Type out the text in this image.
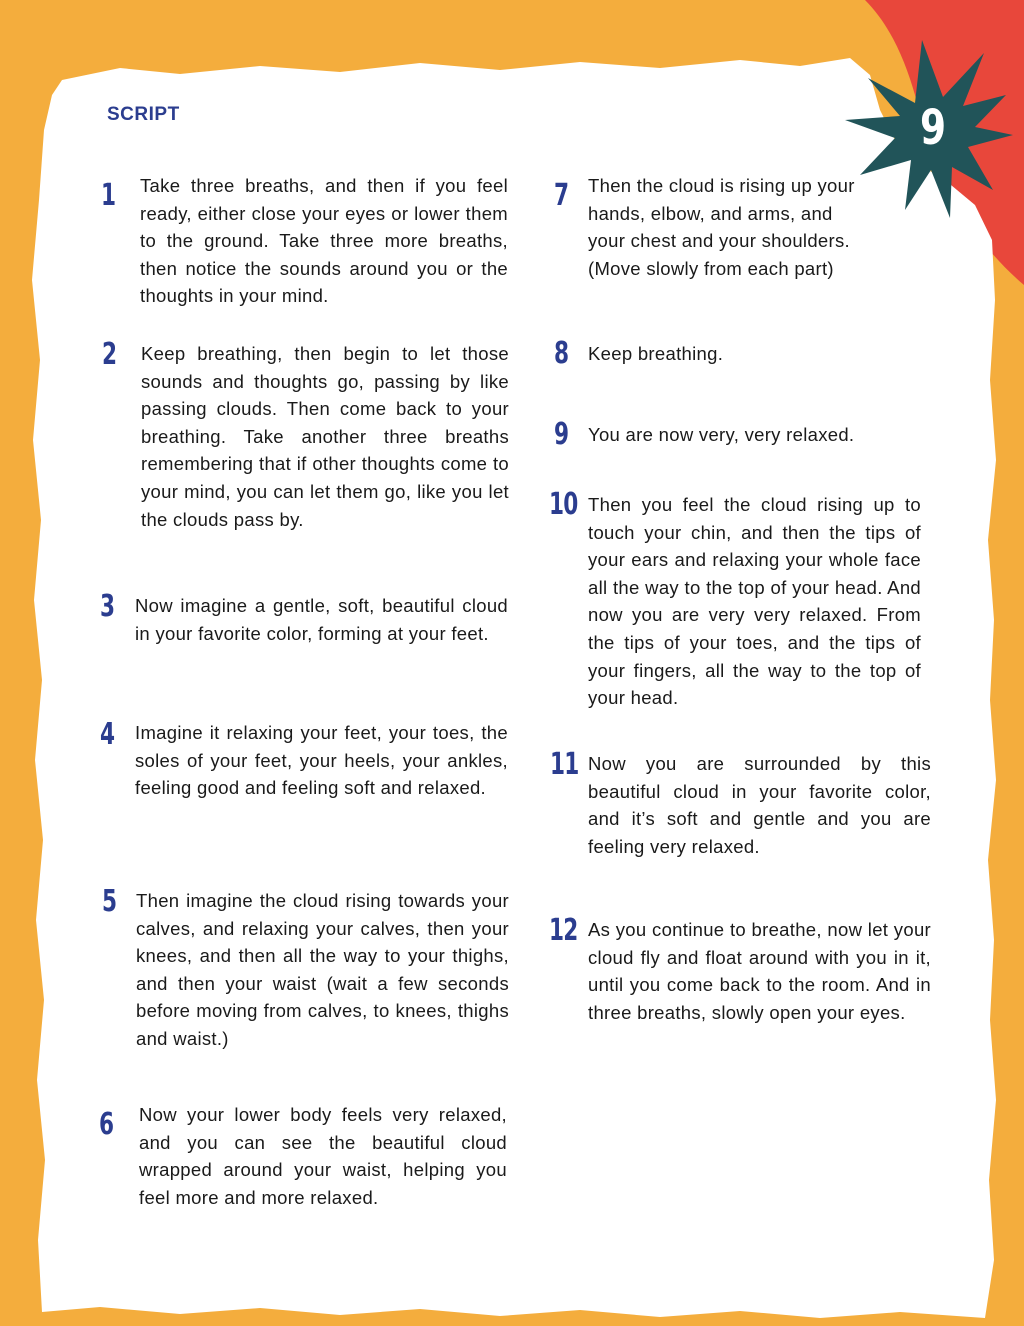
9
SCRIPT
1 Take three breaths, and then if you feel ready, either close your eyes or lower them to the ground. Take three more breaths, then notice the sounds around you or the thoughts in your mind.
2 Keep breathing, then begin to let those sounds and thoughts go, passing by like passing clouds. Then come back to your breathing. Take another three breaths remembering that if other thoughts come to your mind, you can let them go, like you let the clouds pass by.
3 Now imagine a gentle, soft, beautiful cloud in your favorite color, forming at your feet.
4 Imagine it relaxing your feet, your toes, the soles of your feet, your heels, your ankles, feeling good and feeling soft and relaxed.
5 Then imagine the cloud rising towards your calves, and relaxing your calves, then your knees, and then all the way to your thighs, and then your waist (wait a few seconds before moving from calves, to knees, thighs and waist.)
6 Now your lower body feels very relaxed, and you can see the beautiful cloud wrapped around your waist, helping you feel more and more relaxed.
7 Then the cloud is rising up your hands, elbow, and arms, and your chest and your shoulders. (Move slowly from each part)
8 Keep breathing.
9 You are now very, very relaxed.
10 Then you feel the cloud rising up to touch your chin, and then the tips of your ears and relaxing your whole face all the way to the top of your head. And now you are very very relaxed. From the tips of your toes, and the tips of your fingers, all the way to the top of your head.
11 Now you are surrounded by this beautiful cloud in your favorite color, and it’s soft and gentle and you are feeling very relaxed.
12 As you continue to breathe, now let your cloud fly and float around with you in it, until you come back to the room. And in three breaths, slowly open your eyes.
